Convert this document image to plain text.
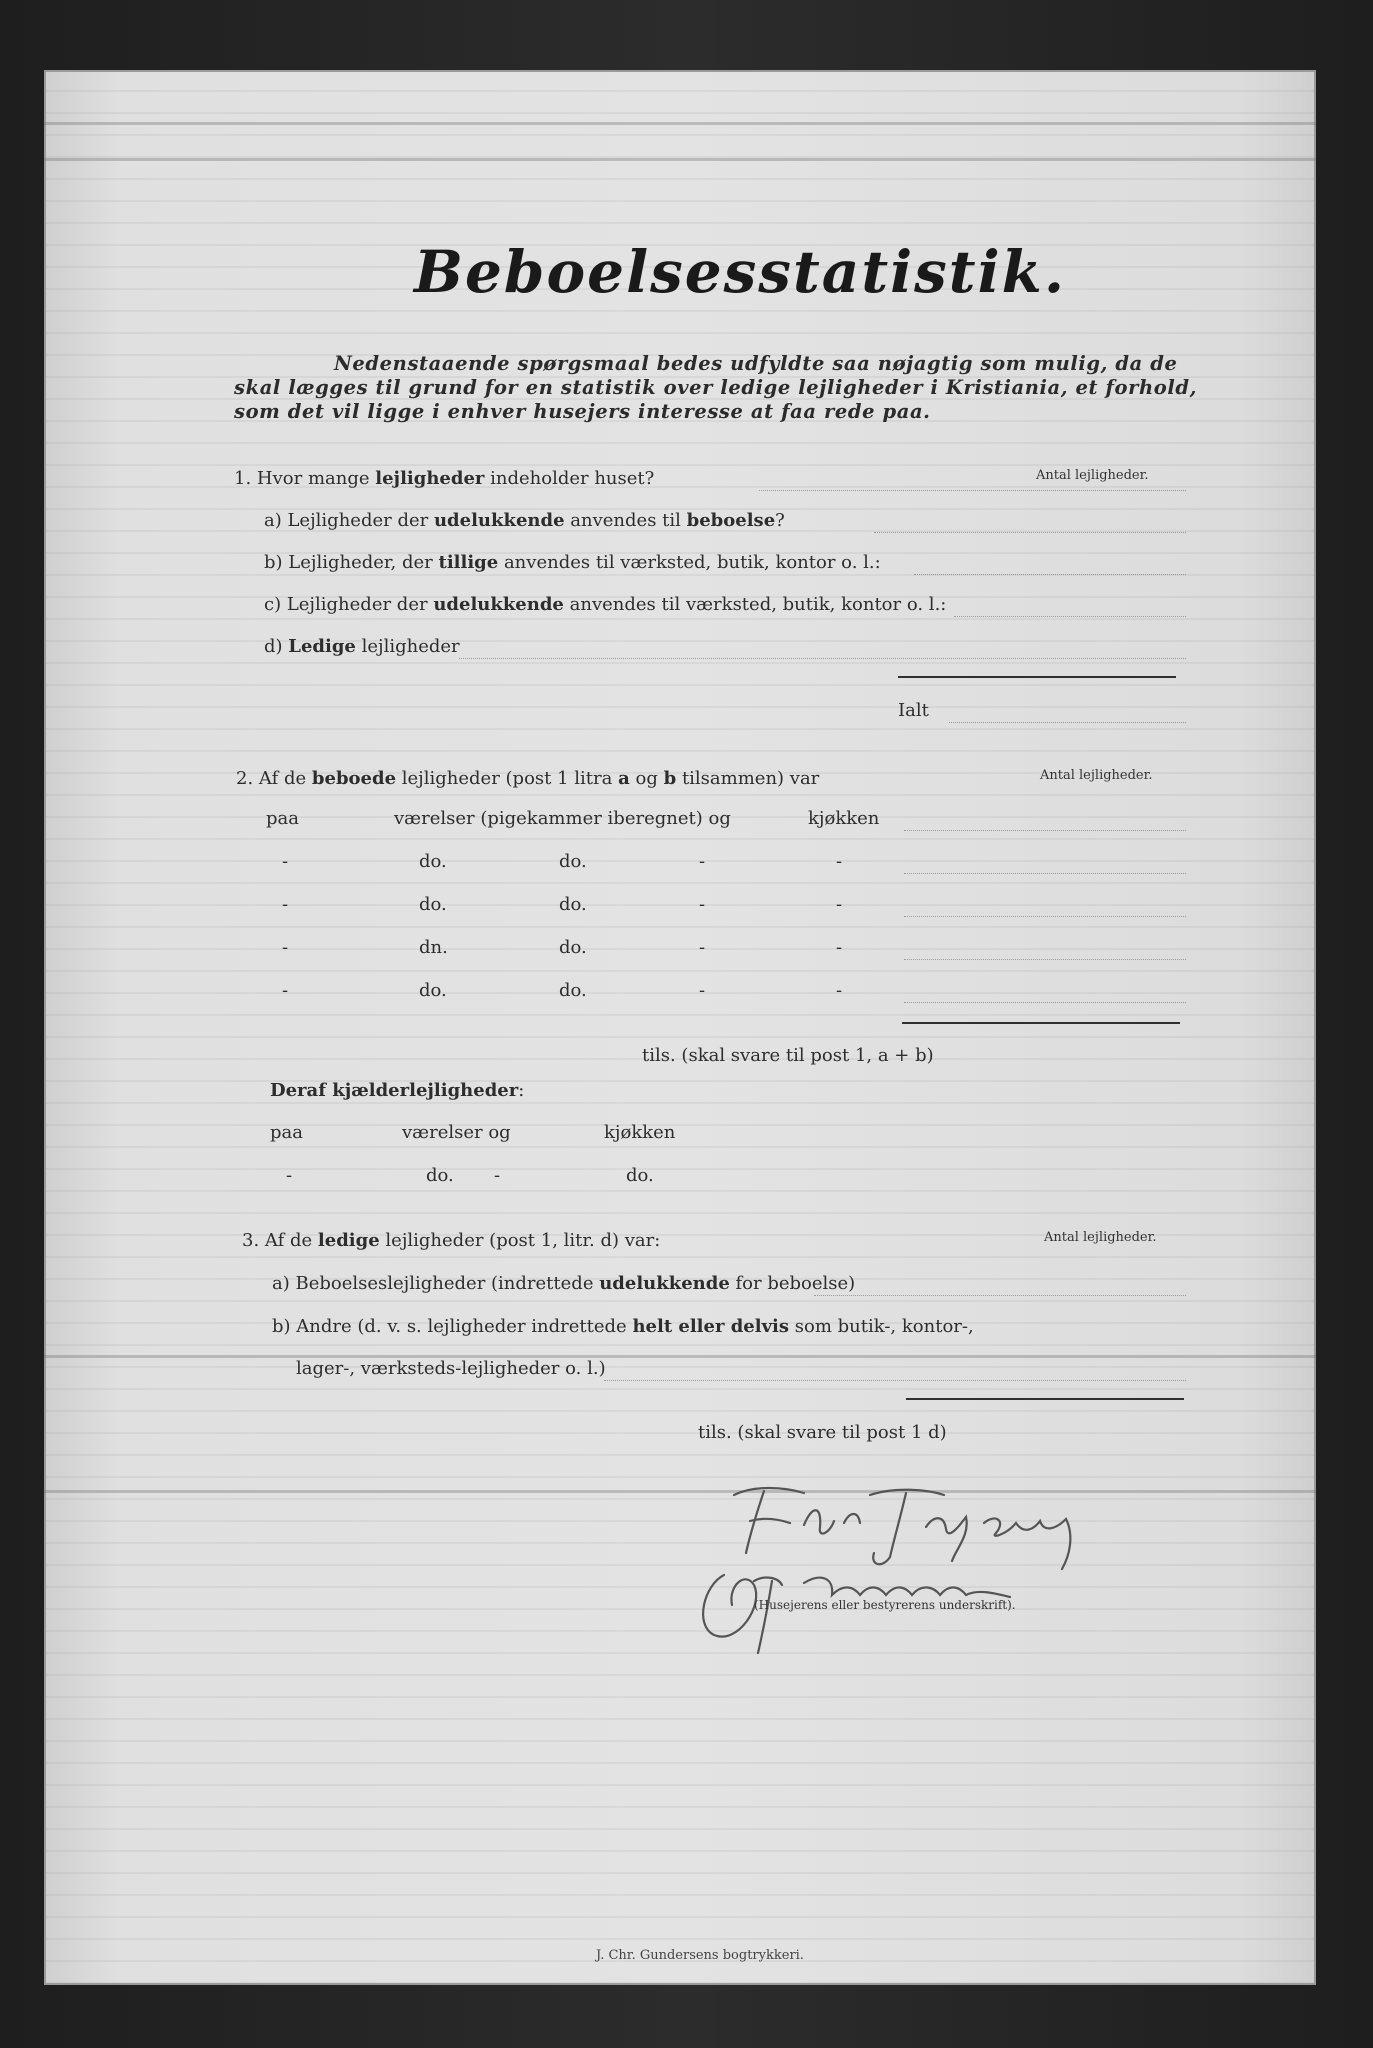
Beboelsesstatistik.
Nedenstaaende spørgsmaal bedes udfyldte saa nøjagtig som mulig, da de
skal lægges til grund for en statistik over ledige lejligheder i Kristiania, et forhold,
som det vil ligge i enhver husejers interesse at faa rede paa.
Antal lejligheder.
1. Hvor mange lejligheder indeholder huset?
a) Lejligheder der udelukkende anvendes til beboelse?
b) Lejligheder, der tillige anvendes til værksted, butik, kontor o. l.:
c) Lejligheder der udelukkende anvendes til værksted, butik, kontor o. l.:
d) Ledige lejligheder
Ialt
Antal lejligheder.
2. Af de beboede lejligheder (post 1 litra a og b tilsammen) var
paa	værelser (pigekammer iberegnet) og	kjøkken
-	do.	do.	-	-
-	do.	do.	-	-
-	dn.	do.	-	-
-	do.	do.	-	-
tils. (skal svare til post 1, a + b)
Deraf kjælderlejligheder:
paa	værelser og	kjøkken
-	do. -	do.
Antal lejligheder.
3. Af de ledige lejligheder (post 1, litr. d) var:
a) Beboelseslejligheder (indrettede udelukkende for beboelse)
b) Andre (d. v. s. lejligheder indrettede helt eller delvis som butik-, kontor-,
lager-, værksteds-lejligheder o. l.)
tils. (skal svare til post 1 d)
(Husejerens eller bestyrerens underskrift).
J. Chr. Gundersens bogtrykkeri.
